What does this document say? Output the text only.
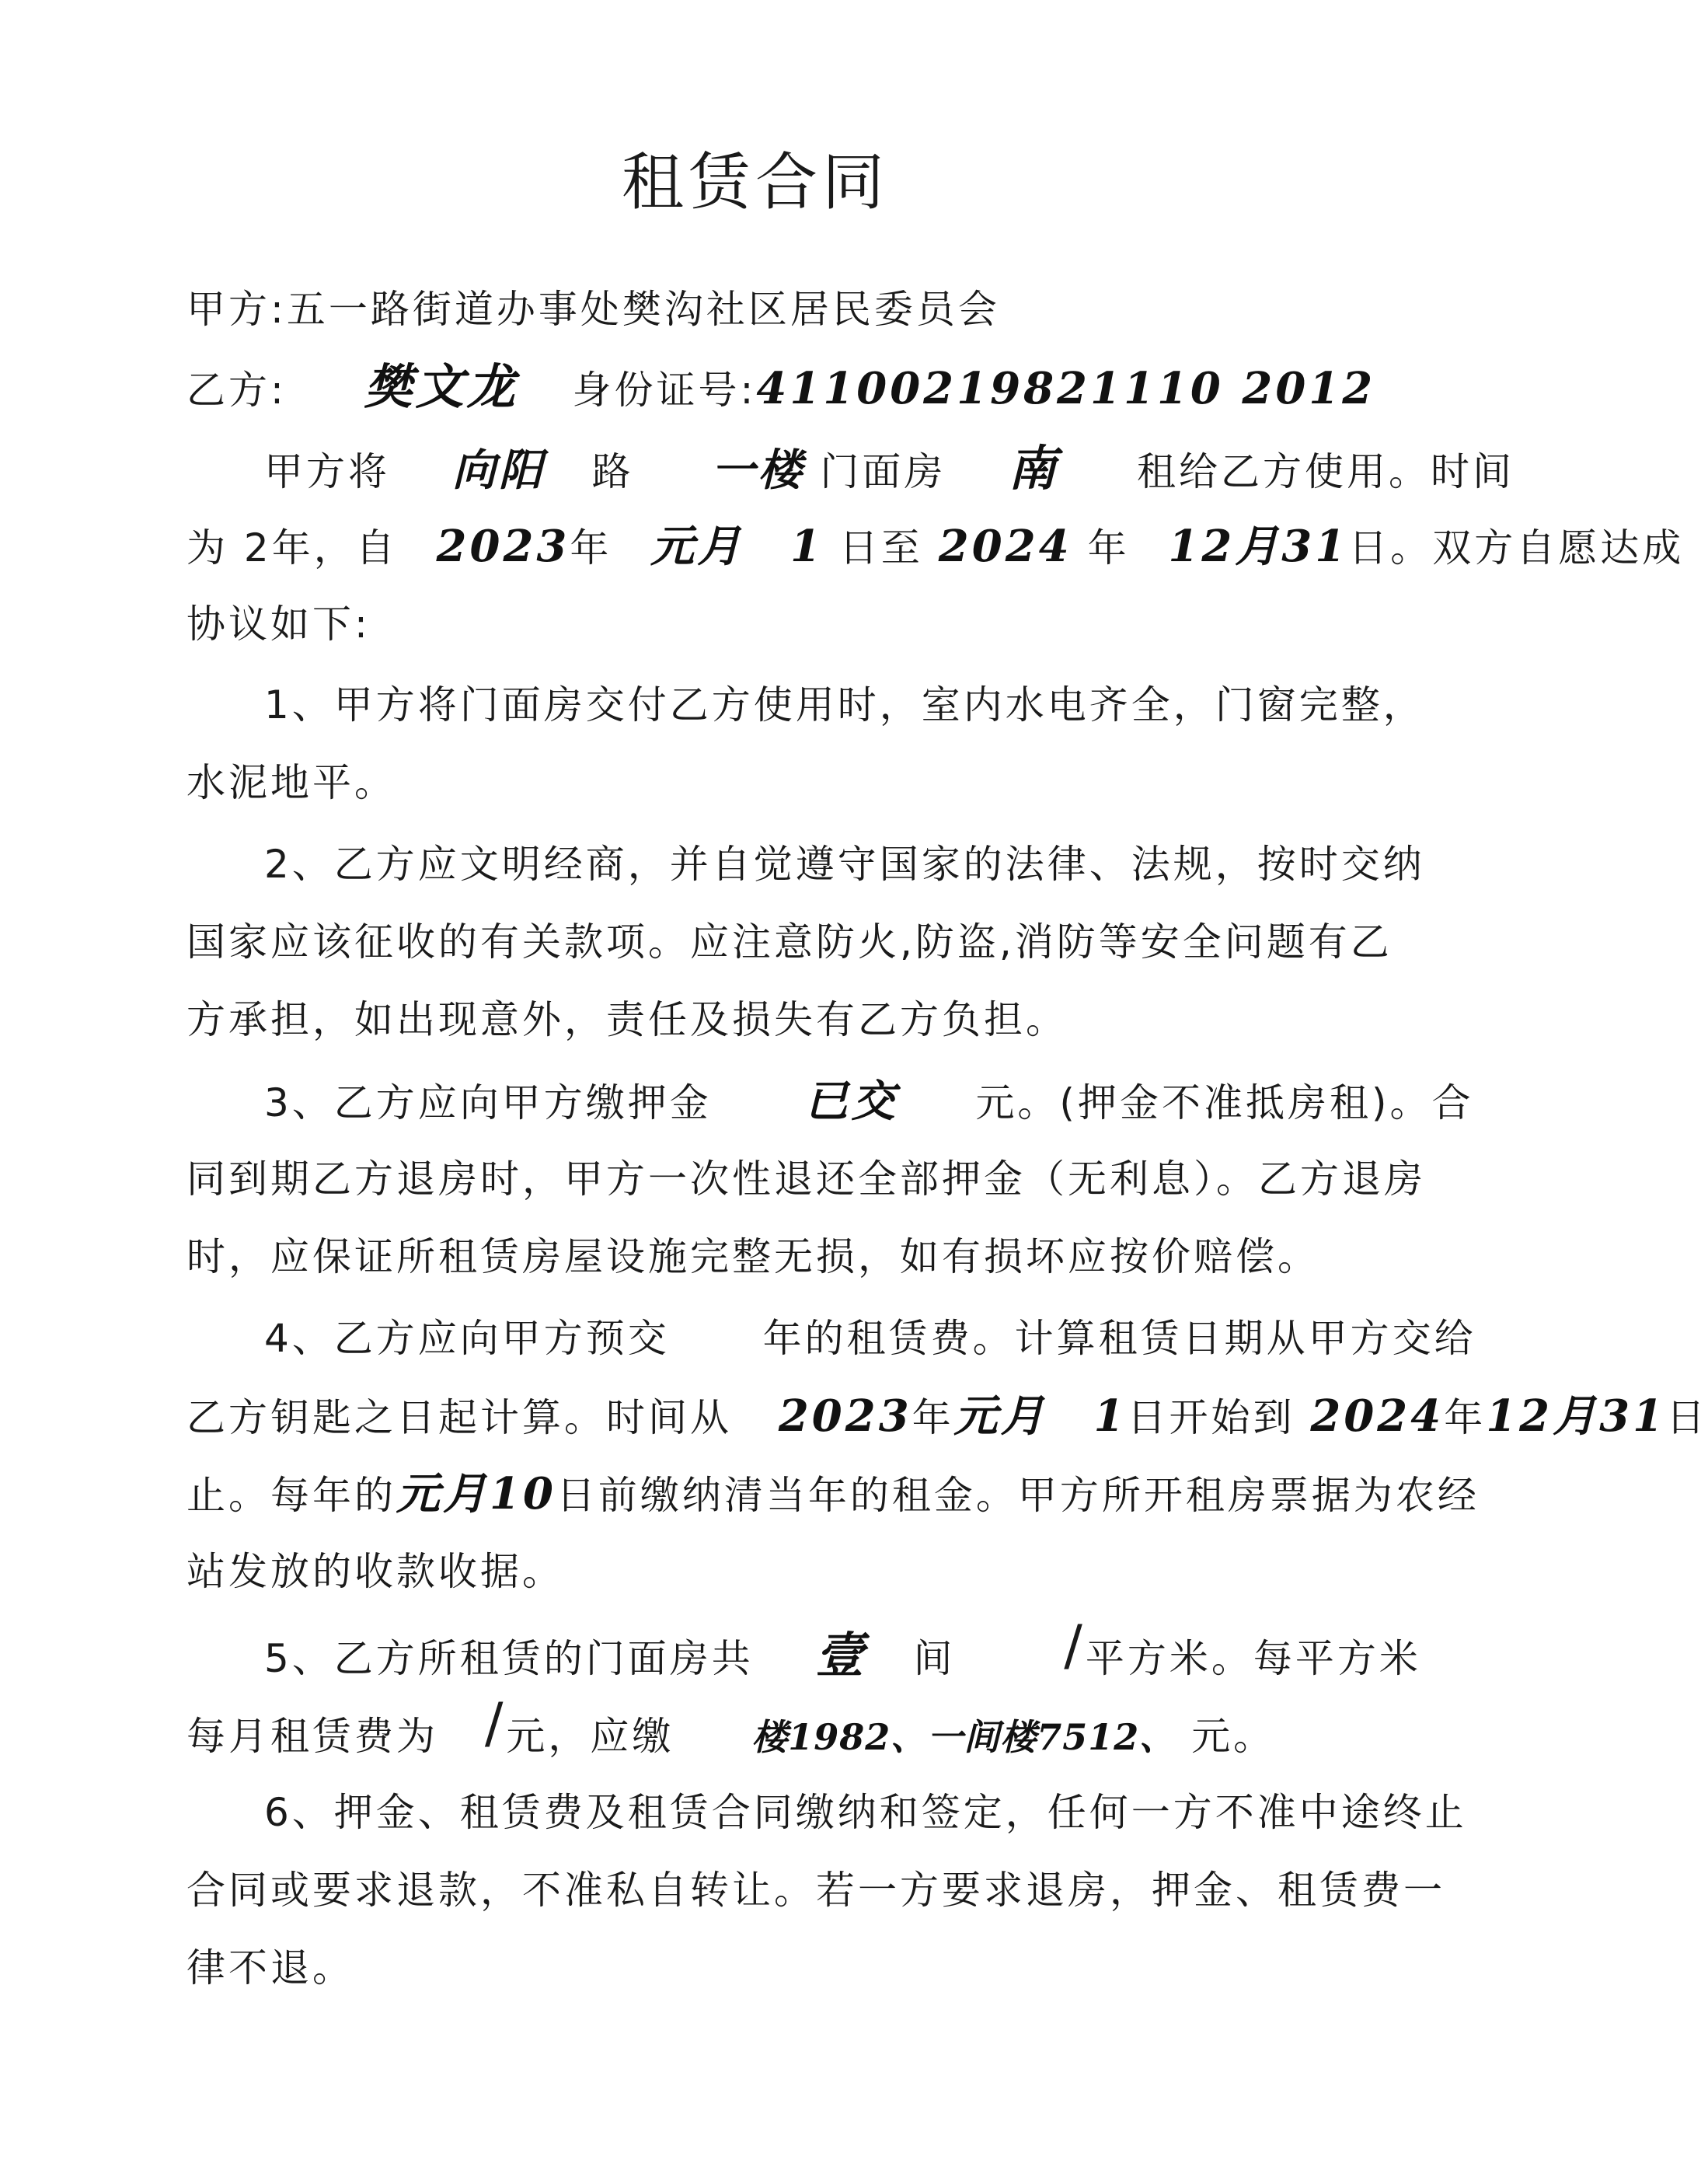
租赁合同
甲方:五一路街道办事处樊沟社区居民委员会
乙方: 樊文龙 身份证号:41100219821110 2012
甲方将 向阳 路 一楼 门面房 南 租给乙方使用。时间
为 2年，自 2023年 元月 1 日至 2024 年 12月31日。双方自愿达成
协议如下:
1、甲方将门面房交付乙方使用时，室内水电齐全，门窗完整，
水泥地平。
2、乙方应文明经商，并自觉遵守国家的法律、法规，按时交纳
国家应该征收的有关款项。应注意防火,防盗,消防等安全问题有乙
方承担，如出现意外，责任及损失有乙方负担。
3、乙方应向甲方缴押金 已交 元。(押金不准抵房租)。合
同到期乙方退房时，甲方一次性退还全部押金（无利息）。乙方退房
时，应保证所租赁房屋设施完整无损，如有损坏应按价赔偿。
4、乙方应向甲方预交 年的租赁费。计算租赁日期从甲方交给
乙方钥匙之日起计算。时间从 2023年元月 1日开始到 2024年12月31日
止。每年的元月10日前缴纳清当年的租金。甲方所开租房票据为农经
站发放的收款收据。
5、乙方所租赁的门面房共 壹 间 /平方米。每平方米
每月租赁费为 /元，应缴 楼1982、一间楼7512、 元。
6、押金、租赁费及租赁合同缴纳和签定，任何一方不准中途终止
合同或要求退款，不准私自转让。若一方要求退房，押金、租赁费一
律不退。
